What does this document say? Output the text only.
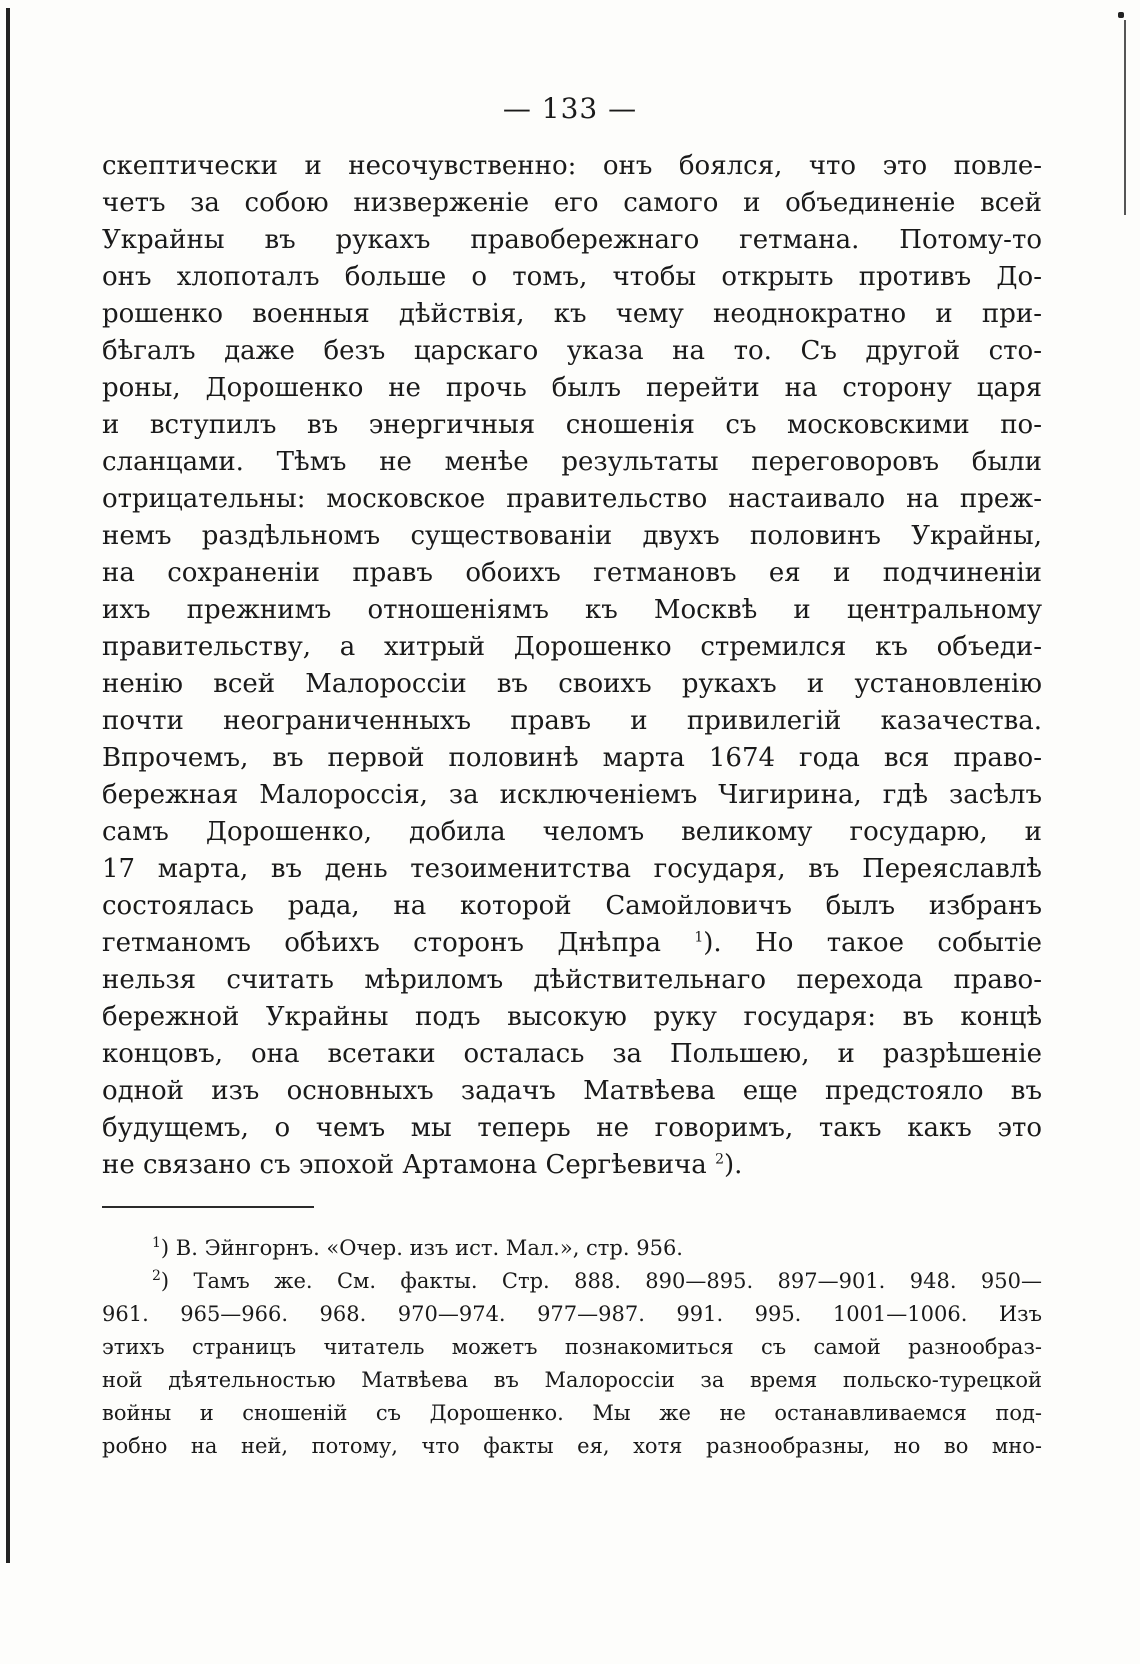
— 133 —
скептически и несочувственно: онъ боялся, что это повле-
четъ за собою низверженіе его самого и объединеніе всей
Украйны въ рукахъ правобережнаго гетмана. Потому-то
онъ хлопоталъ больше о томъ, чтобы открыть противъ До-
рошенко военныя дѣйствія, къ чему неоднократно и при-
бѣгалъ даже безъ царскаго указа на то. Съ другой сто-
роны, Дорошенко не прочь былъ перейти на сторону царя
и вступилъ въ энергичныя сношенія съ московскими по-
сланцами. Тѣмъ не менѣе результаты переговоровъ были
отрицательны: московское правительство настаивало на преж-
немъ раздѣльномъ существованіи двухъ половинъ Украйны,
на сохраненіи правъ обоихъ гетмановъ ея и подчиненіи
ихъ прежнимъ отношеніямъ къ Москвѣ и центральному
правительству, а хитрый Дорошенко стремился къ объеди-
ненію всей Малороссіи въ своихъ рукахъ и установленію
почти неограниченныхъ правъ и привилегій казачества.
Впрочемъ, въ первой половинѣ марта 1674 года вся право-
бережная Малороссія, за исключеніемъ Чигирина, гдѣ засѣлъ
самъ Дорошенко, добила челомъ великому государю, и
17 марта, въ день тезоименитства государя, въ Переяславлѣ
состоялась рада, на которой Самойловичъ былъ избранъ
гетманомъ обѣихъ сторонъ Днѣпра $^1$). Но такое событіе
нельзя считать мѣриломъ дѣйствительнаго перехода право-
бережной Украйны подъ высокую руку государя: въ концѣ
концовъ, она всетаки осталась за Польшею, и разрѣшеніе
одной изъ основныхъ задачъ Матвѣева еще предстояло въ
будущемъ, о чемъ мы теперь не говоримъ, такъ какъ это
не связано съ эпохой Артамона Сергѣевича $^2$).
$^1$) В. Эйнгорнъ. «Очер. изъ ист. Мал.», стр. 956.
$^2$) Тамъ же. См. факты. Стр. 888. 890—895. 897—901. 948. 950—
961. 965—966. 968. 970—974. 977—987. 991. 995. 1001—1006. Изъ
этихъ страницъ читатель можетъ познакомиться съ самой разнообраз-
ной дѣятельностью Матвѣева въ Малороссіи за время польско-турецкой
войны и сношеній съ Дорошенко. Мы же не останавливаемся под-
робно на ней, потому, что факты ея, хотя разнообразны, но во мно-
